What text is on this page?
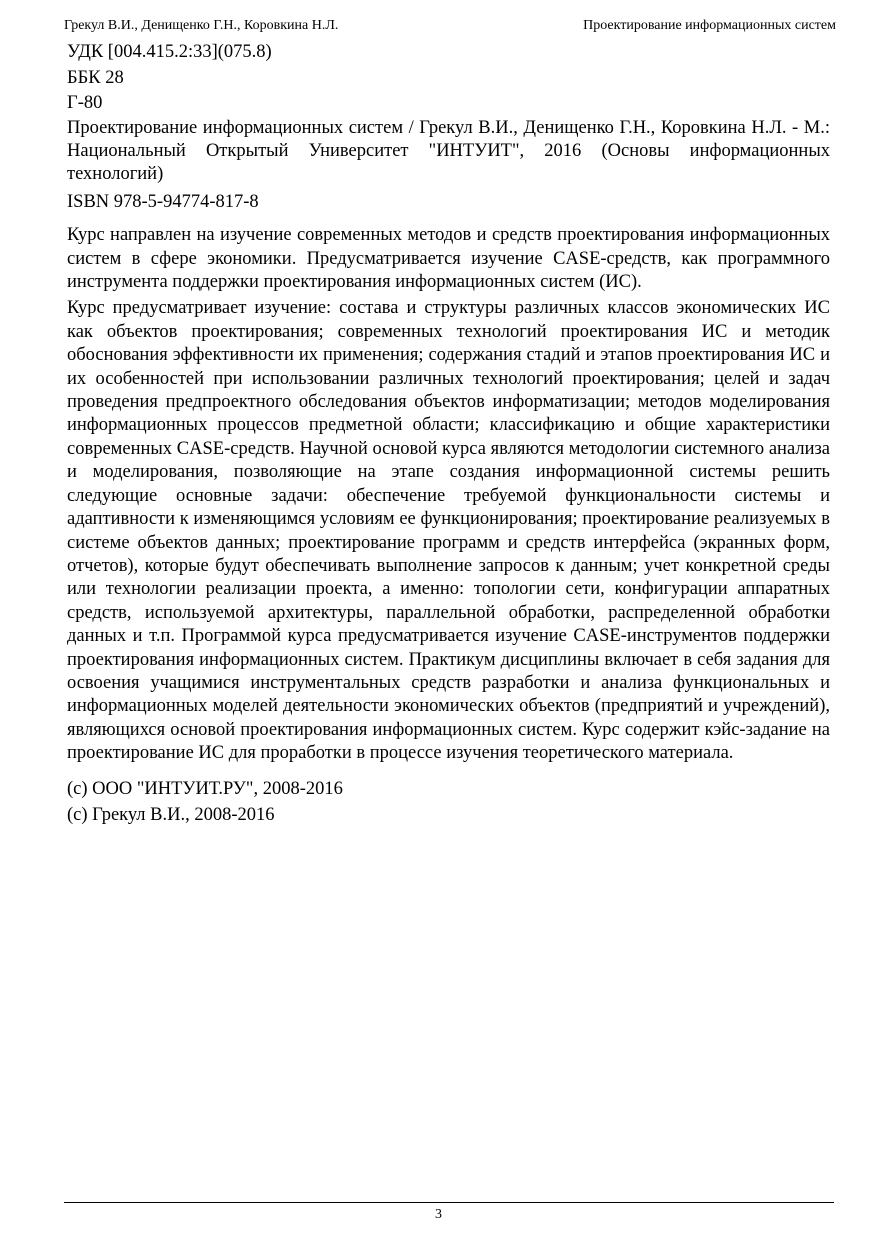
Грекул В.И., Денищенко Г.Н., Коровкина Н.Л.	Проектирование информационных систем
УДК [004.415.2:33](075.8)
ББК 28
Г-80

Проектирование информационных систем / Грекул В.И., Денищенко Г.Н., Коровкина Н.Л. - М.: Национальный Открытый Университет "ИНТУИТ", 2016 (Основы информационных технологий)

ISBN 978-5-94774-817-8

Курс направлен на изучение современных методов и средств проектирования информационных систем в сфере экономики. Предусматривается изучение CASE-средств, как программного инструмента поддержки проектирования информационных систем (ИС).

Курс предусматривает изучение: состава и структуры различных классов экономических ИС как объектов проектирования; современных технологий проектирования ИС и методик обоснования эффективности их применения; содержания стадий и этапов проектирования ИС и их особенностей при использовании различных технологий проектирования; целей и задач проведения предпроектного обследования объектов информатизации; методов моделирования информационных процессов предметной области; классификацию и общие характеристики современных CASE-средств. Научной основой курса являются методологии системного анализа и моделирования, позволяющие на этапе создания информационной системы решить следующие основные задачи: обеспечение требуемой функциональности системы и адаптивности к изменяющимся условиям ее функционирования; проектирование реализуемых в системе объектов данных; проектирование программ и средств интерфейса (экранных форм, отчетов), которые будут обеспечивать выполнение запросов к данным; учет конкретной среды или технологии реализации проекта, а именно: топологии сети, конфигурации аппаратных средств, используемой архитектуры, параллельной обработки, распределенной обработки данных и т.п. Программой курса предусматривается изучение CASE-инструментов поддержки проектирования информационных систем. Практикум дисциплины включает в себя задания для освоения учащимися инструментальных средств разработки и анализа функциональных и информационных моделей деятельности экономических объектов (предприятий и учреждений), являющихся основой проектирования информационных систем. Курс содержит кэйс-задание на проектирование ИС для проработки в процессе изучения теоретического материала.

(c) ООО "ИНТУИТ.РУ", 2008-2016
(c) Грекул В.И., 2008-2016
3
